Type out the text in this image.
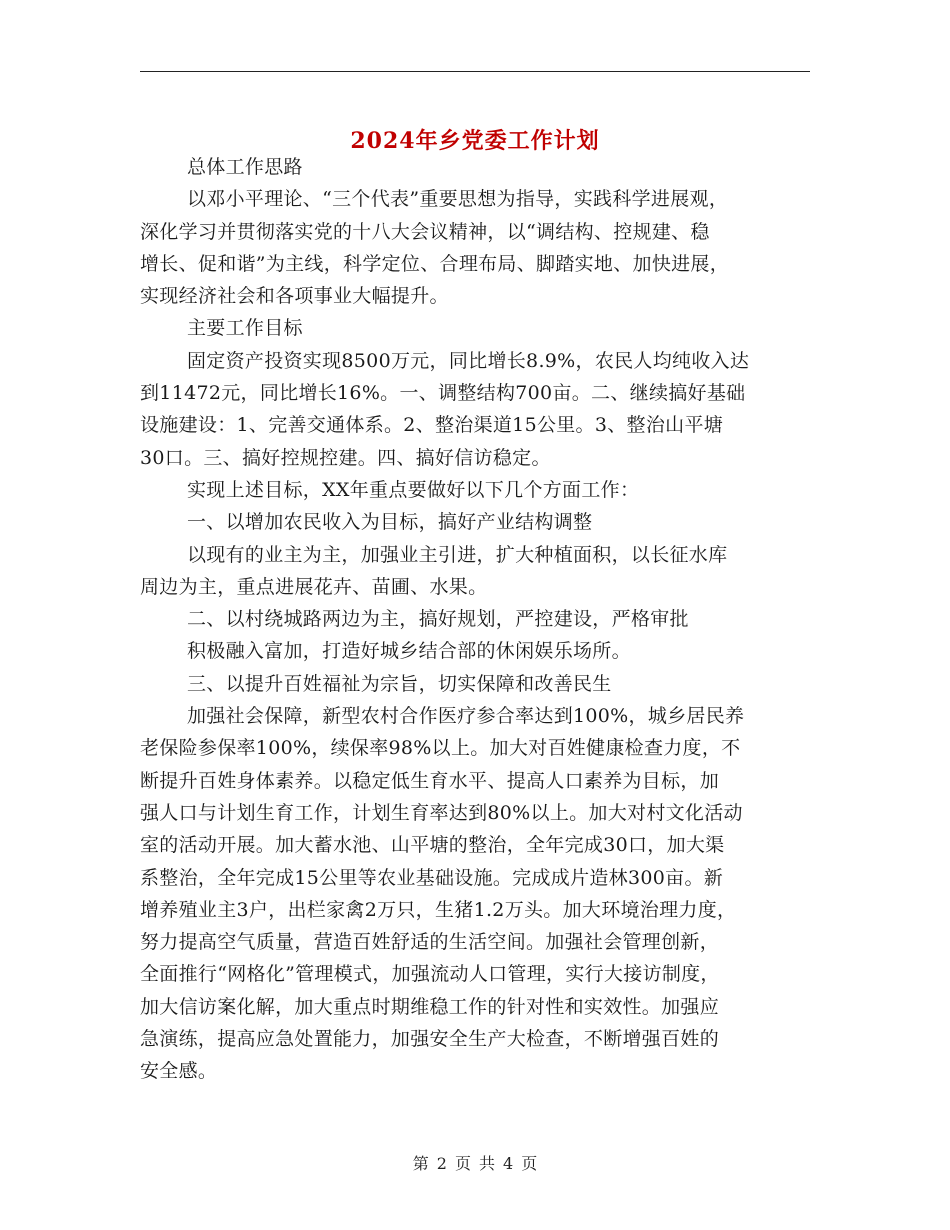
2024年乡党委工作计划
总体工作思路
以邓小平理论、“三个代表”重要思想为指导，实践科学进展观，
深化学习并贯彻落实党的十八大会议精神，以“调结构、控规建、稳
增长、促和谐”为主线，科学定位、合理布局、脚踏实地、加快进展，
实现经济社会和各项事业大幅提升。
主要工作目标
固定资产投资实现8500万元，同比增长8.9%，农民人均纯收入达
到11472元，同比增长16%。一、调整结构700亩。二、继续搞好基础
设施建设：1、完善交通体系。2、整治渠道15公里。3、整治山平塘
30口。三、搞好控规控建。四、搞好信访稳定。
实现上述目标，XX年重点要做好以下几个方面工作：
一、以增加农民收入为目标，搞好产业结构调整
以现有的业主为主，加强业主引进，扩大种植面积，以长征水库
周边为主，重点进展花卉、苗圃、水果。
二、以村绕城路两边为主，搞好规划，严控建设，严格审批
积极融入富加，打造好城乡结合部的休闲娱乐场所。
三、以提升百姓福祉为宗旨，切实保障和改善民生
加强社会保障，新型农村合作医疗参合率达到100%，城乡居民养
老保险参保率100%，续保率98%以上。加大对百姓健康检查力度，不
断提升百姓身体素养。以稳定低生育水平、提高人口素养为目标，加
强人口与计划生育工作，计划生育率达到80%以上。加大对村文化活动
室的活动开展。加大蓄水池、山平塘的整治，全年完成30口，加大渠
系整治，全年完成15公里等农业基础设施。完成成片造林300亩。新
增养殖业主3户，出栏家禽2万只，生猪1.2万头。加大环境治理力度，
努力提高空气质量，营造百姓舒适的生活空间。加强社会管理创新，
全面推行“网格化”管理模式，加强流动人口管理，实行大接访制度，
加大信访案化解，加大重点时期维稳工作的针对性和实效性。加强应
急演练，提高应急处置能力，加强安全生产大检查，不断增强百姓的
安全感。
第 2 页 共 4 页
